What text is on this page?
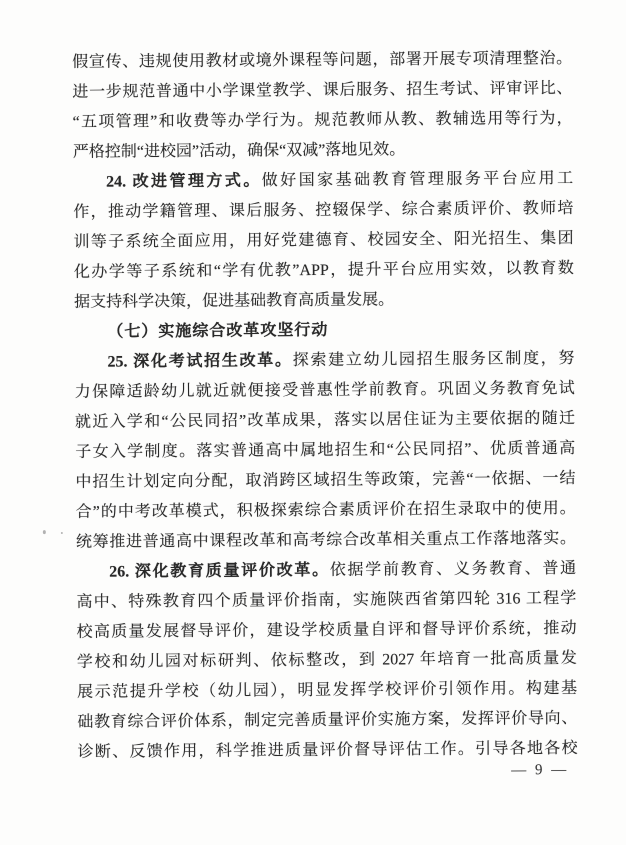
假宣传、违规使用教材或境外课程等问题，部署开展专项清理整治。
进一步规范普通中小学课堂教学、课后服务、招生考试、评审评比、
“五项管理”和收费等办学行为。规范教师从教、教辅选用等行为，
严格控制“进校园”活动，确保“双减”落地见效。
24. 改进管理方式。做好国家基础教育管理服务平台应用工
作，推动学籍管理、课后服务、控辍保学、综合素质评价、教师培
训等子系统全面应用，用好党建德育、校园安全、阳光招生、集团
化办学等子系统和“学有优教”APP，提升平台应用实效，以教育数
据支持科学决策，促进基础教育高质量发展。
（七）实施综合改革攻坚行动
25. 深化考试招生改革。探索建立幼儿园招生服务区制度，努
力保障适龄幼儿就近就便接受普惠性学前教育。巩固义务教育免试
就近入学和“公民同招”改革成果，落实以居住证为主要依据的随迁
子女入学制度。落实普通高中属地招生和“公民同招”、优质普通高
中招生计划定向分配，取消跨区域招生等政策，完善“一依据、一结
合”的中考改革模式，积极探索综合素质评价在招生录取中的使用。
统筹推进普通高中课程改革和高考综合改革相关重点工作落地落实。
26. 深化教育质量评价改革。依据学前教育、义务教育、普通
高中、特殊教育四个质量评价指南，实施陕西省第四轮 316 工程学
校高质量发展督导评价，建设学校质量自评和督导评价系统，推动
学校和幼儿园对标研判、依标整改，到 2027 年培育一批高质量发
展示范提升学校（幼儿园），明显发挥学校评价引领作用。构建基
础教育综合评价体系，制定完善质量评价实施方案，发挥评价导向、
诊断、反馈作用，科学推进质量评价督导评估工作。引导各地各校
— 9 —
